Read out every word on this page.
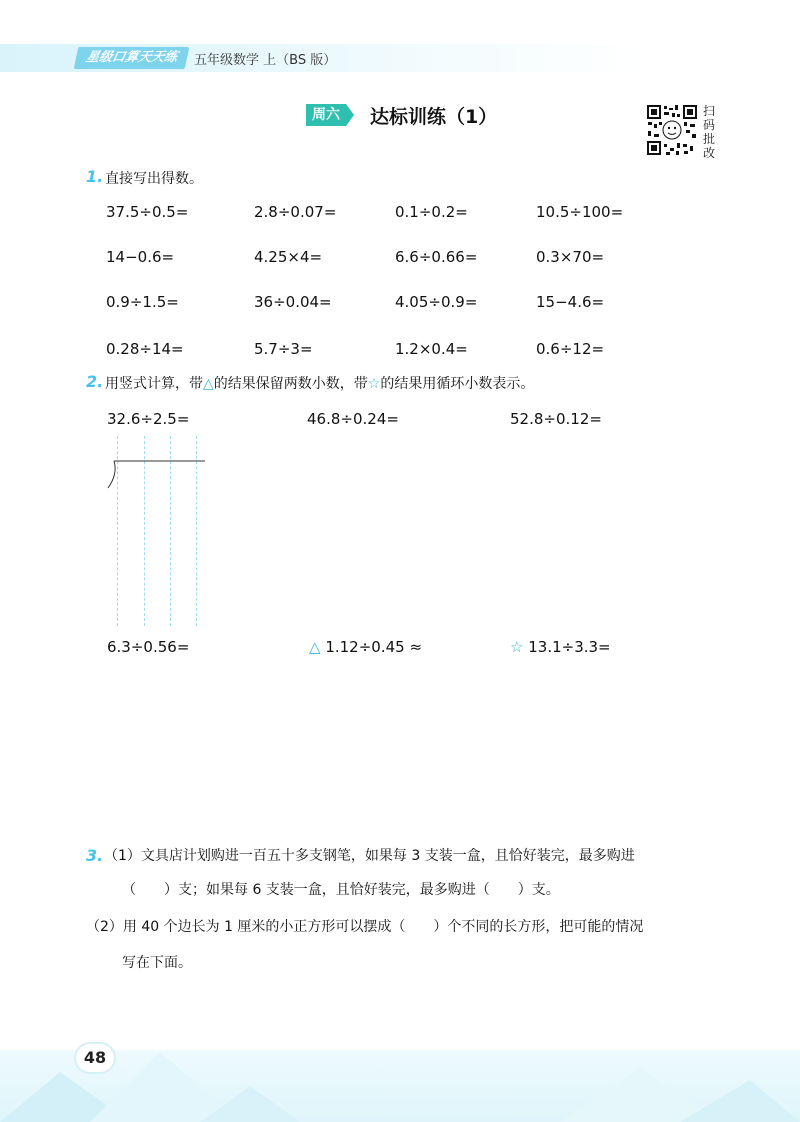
星级口算天天练	五年级数学 上（BS 版）
周六	达标训练（1）	扫码批改
1. 直接写出得数。
37.5÷0.5=	2.8÷0.07=	0.1÷0.2=	10.5÷100=
14−0.6=	4.25×4=	6.6÷0.66=	0.3×70=
0.9÷1.5=	36÷0.04=	4.05÷0.9=	15−4.6=
0.28÷14=	5.7÷3=	1.2×0.4=	0.6÷12=
2. 用竖式计算，带△的结果保留两数小数，带☆的结果用循环小数表示。
32.6÷2.5=	46.8÷0.24=	52.8÷0.12=
6.3÷0.56=	△ 1.12÷0.45 ≈	☆ 13.1÷3.3=
3. （1）文具店计划购进一百五十多支钢笔，如果每 3 支装一盒，且恰好装完，最多购进
（　　）支；如果每 6 支装一盒，且恰好装完，最多购进（　　）支。
（2）用 40 个边长为 1 厘米的小正方形可以摆成（　　）个不同的长方形，把可能的情况
写在下面。
48
